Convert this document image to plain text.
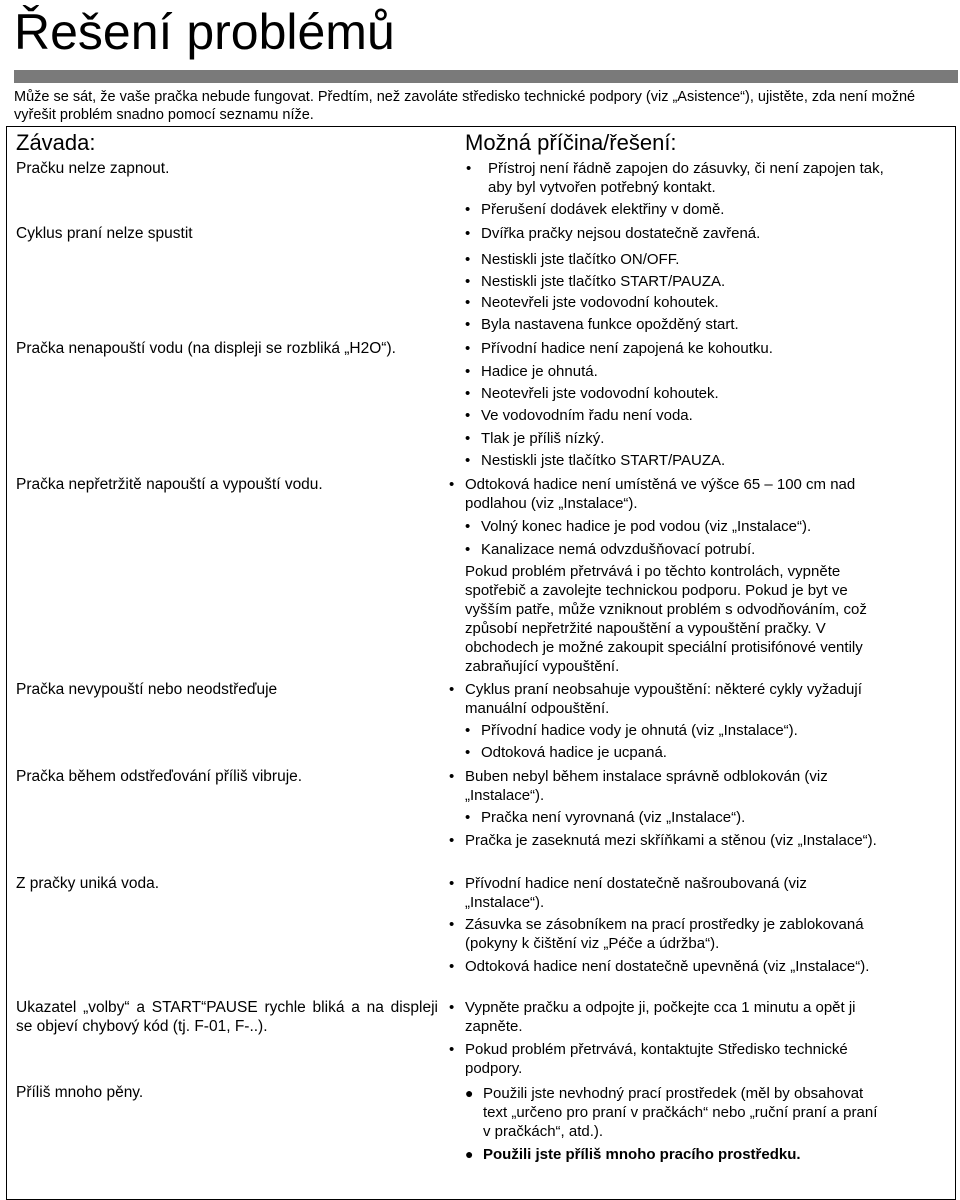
Řešení problémů
Může se sát, že vaše pračka nebude fungovat. Předtím, než zavoláte středisko technické podpory (viz „Asistence“), ujistěte, zda není možné vyřešit problém snadno pomocí seznamu níže.
Závada:	Možná příčina/řešení:
Pračku nelze zapnout.	• Přístroj není řádně zapojen do zásuvky, či není zapojen tak, aby byl vytvořen potřebný kontakt.
• Přerušení dodávek elektřiny v domě.
Cyklus praní nelze spustit	• Dvířka pračky nejsou dostatečně zavřená.
• Nestiskli jste tlačítko ON/OFF.
• Nestiskli jste tlačítko START/PAUZA.
• Neotevřeli jste vodovodní kohoutek.
• Byla nastavena funkce opožděný start.
Pračka nenapouští vodu (na displeji se rozbliká „H2O“).	• Přívodní hadice není zapojená ke kohoutku.
• Hadice je ohnutá.
• Neotevřeli jste vodovodní kohoutek.
• Ve vodovodním řadu není voda.
• Tlak je příliš nízký.
• Nestiskli jste tlačítko START/PAUZA.
Pračka nepřetržitě napouští a vypouští vodu.	• Odtoková hadice není umístěná ve výšce 65 – 100 cm nad podlahou (viz „Instalace“).
• Volný konec hadice je pod vodou (viz „Instalace“).
• Kanalizace nemá odvzdušňovací potrubí.
Pokud problém přetrvává i po těchto kontrolách, vypněte spotřebič a zavolejte technickou podporu. Pokud je byt ve vyšším patře, může vzniknout problém s odvodňováním, což způsobí nepřetržité napouštění a vypouštění pračky. V obchodech je možné zakoupit speciální protisifónové ventily zabraňující vypouštění.
Pračka nevypouští nebo neodstřeďuje	• Cyklus praní neobsahuje vypouštění: některé cykly vyžadují manuální odpouštění.
• Přívodní hadice vody je ohnutá (viz „Instalace“).
• Odtoková hadice je ucpaná.
Pračka během odstřeďování příliš vibruje.	• Buben nebyl během instalace správně odblokován (viz „Instalace“).
• Pračka není vyrovnaná (viz „Instalace“).
• Pračka je zaseknutá mezi skříňkami a stěnou (viz „Instalace“).
Z pračky uniká voda.	• Přívodní hadice není dostatečně našroubovaná (viz „Instalace“).
• Zásuvka se zásobníkem na prací prostředky je zablokovaná (pokyny k čištění viz „Péče a údržba“).
• Odtoková hadice není dostatečně upevněná (viz „Instalace“).
Ukazatel „volby“ a START“PAUSE rychle bliká a na displeji se objeví chybový kód (tj. F-01, F-..).
• Vypněte pračku a odpojte ji, počkejte cca 1 minutu a opět ji zapněte.
• Pokud problém přetrvává, kontaktujte Středisko technické podpory.
Příliš mnoho pěny.	● Použili jste nevhodný prací prostředek (měl by obsahovat text „určeno pro praní v pračkách“ nebo „ruční praní a praní v pračkách“, atd.).
● Použili jste příliš mnoho pracího prostředku.
